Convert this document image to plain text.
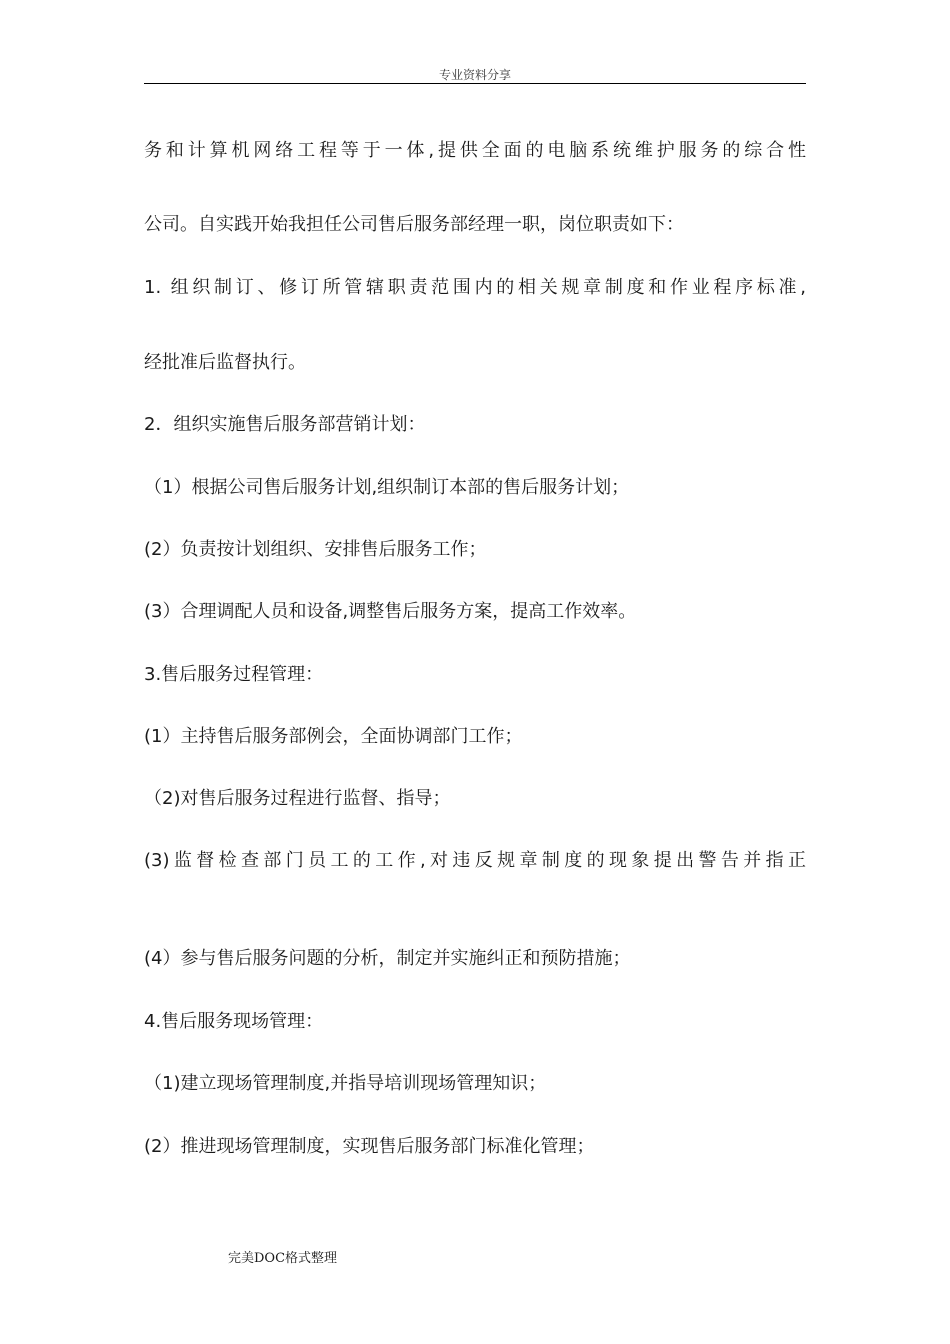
专业资料分享
务和计算机网络工程等于一体,提供全面的电脑系统维护服务的综合性
公司。自实践开始我担任公司售后服务部经理一职，岗位职责如下：
1. 组织制订、修订所管辖职责范围内的相关规章制度和作业程序标准,
经批准后监督执行。
2．组织实施售后服务部营销计划：
（1）根据公司售后服务计划,组织制订本部的售后服务计划；
(2）负责按计划组织、安排售后服务工作；
(3）合理调配人员和设备,调整售后服务方案，提高工作效率。
3.售后服务过程管理：
(1）主持售后服务部例会，全面协调部门工作；
（2)对售后服务过程进行监督、指导；
(3)监督检查部门员工的工作,对违反规章制度的现象提出警告并指正
(4）参与售后服务问题的分析，制定并实施纠正和预防措施；
4.售后服务现场管理：
（1)建立现场管理制度,并指导培训现场管理知识；
(2）推进现场管理制度，实现售后服务部门标准化管理；
完美DOC格式整理
